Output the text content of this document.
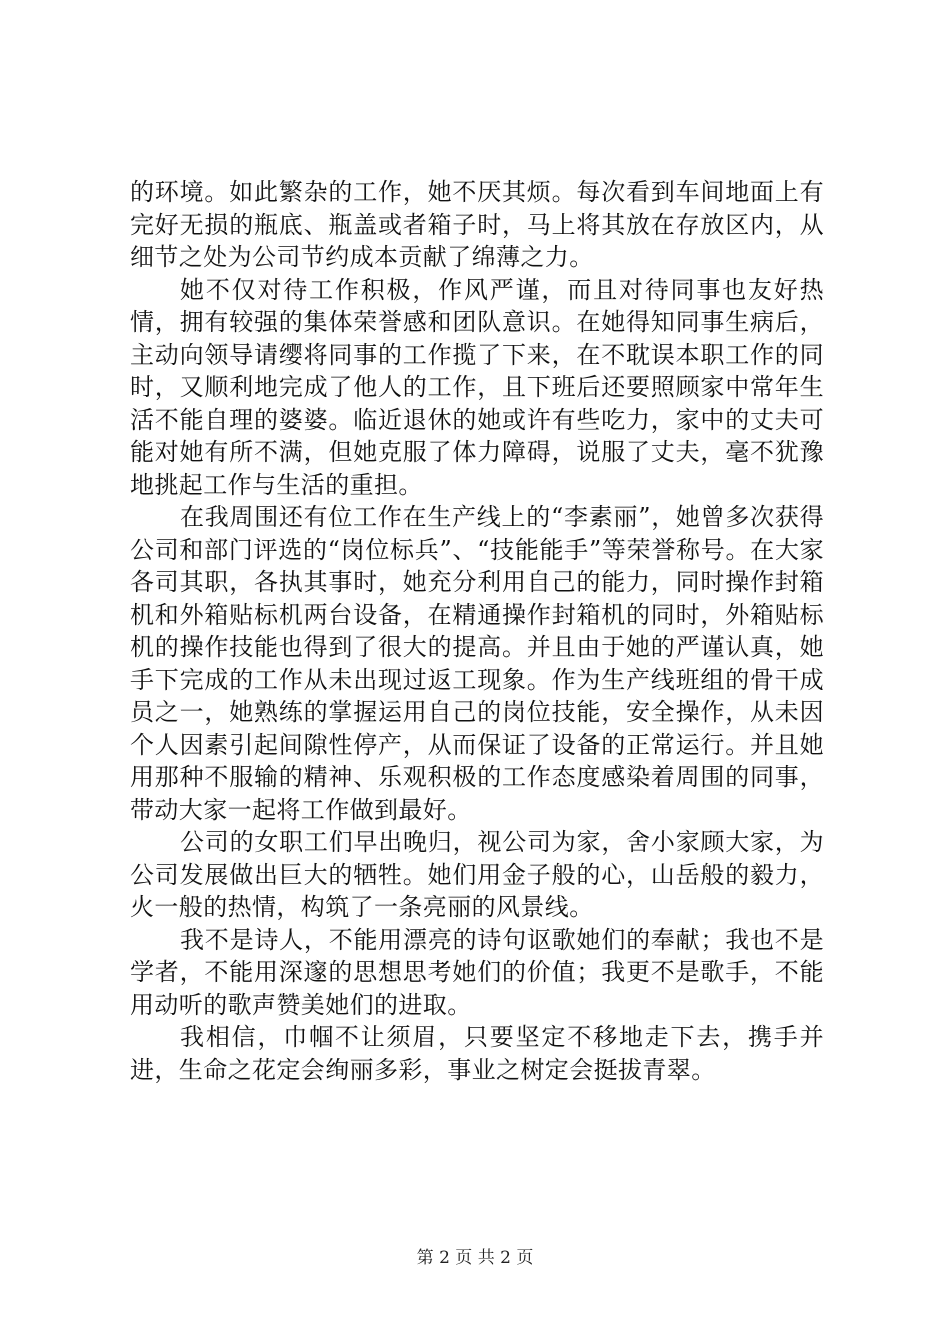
的环境。如此繁杂的工作，她不厌其烦。每次看到车间地面上有完好无损的瓶底、瓶盖或者箱子时，马上将其放在存放区内，从细节之处为公司节约成本贡献了绵薄之力。

她不仅对待工作积极，作风严谨，而且对待同事也友好热情，拥有较强的集体荣誉感和团队意识。在她得知同事生病后，主动向领导请缨将同事的工作揽了下来，在不耽误本职工作的同时，又顺利地完成了他人的工作，且下班后还要照顾家中常年生活不能自理的婆婆。临近退休的她或许有些吃力，家中的丈夫可能对她有所不满，但她克服了体力障碍，说服了丈夫，毫不犹豫地挑起工作与生活的重担。

在我周围还有位工作在生产线上的“李素丽”，她曾多次获得公司和部门评选的“岗位标兵”、“技能能手”等荣誉称号。在大家各司其职，各执其事时，她充分利用自己的能力，同时操作封箱机和外箱贴标机两台设备，在精通操作封箱机的同时，外箱贴标机的操作技能也得到了很大的提高。并且由于她的严谨认真，她手下完成的工作从未出现过返工现象。作为生产线班组的骨干成员之一，她熟练的掌握运用自己的岗位技能，安全操作，从未因个人因素引起间隙性停产，从而保证了设备的正常运行。并且她用那种不服输的精神、乐观积极的工作态度感染着周围的同事，带动大家一起将工作做到最好。

公司的女职工们早出晚归，视公司为家，舍小家顾大家，为公司发展做出巨大的牺牲。她们用金子般的心，山岳般的毅力，火一般的热情，构筑了一条亮丽的风景线。

我不是诗人，不能用漂亮的诗句讴歌她们的奉献；我也不是学者，不能用深邃的思想思考她们的价值；我更不是歌手，不能用动听的歌声赞美她们的进取。

我相信，巾帼不让须眉，只要坚定不移地走下去，携手并进，生命之花定会绚丽多彩，事业之树定会挺拔青翠。

第 2 页 共 2 页
